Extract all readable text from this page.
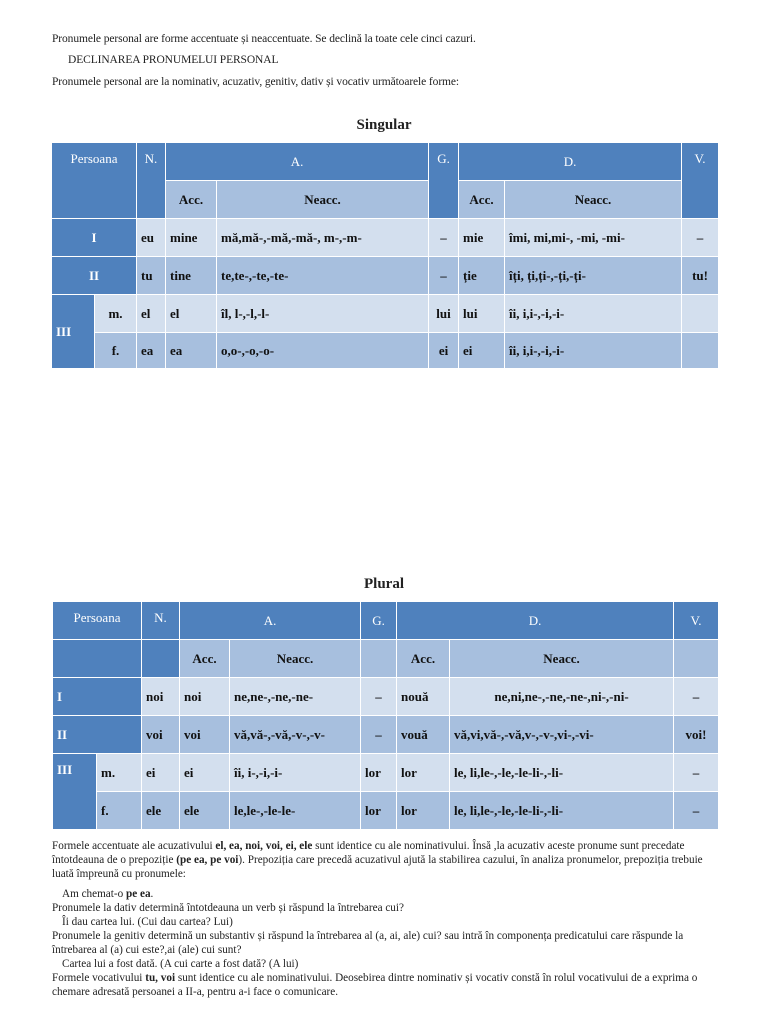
Pronumele personal are forme accentuate și neaccentuate. Se declină la toate cele cinci cazuri.
DECLINAREA PRONUMELUI PERSONAL
Pronumele personal are la nominativ, acuzativ, genitiv, dativ și vocativ următoarele forme:
Singular
Persoana		N.	A.		G.	D.		V.
			Acc.	Neacc.		Acc.	Neacc.	
I		eu	mine	mă,mă-,-mă,-mă-, m-,-m-	–	mie	îmi, mi,mi-, -mi, -mi-	–
II		tu	tine	te,te-,-te,-te-	–	ție	îți, ți,ți-,-ți,-ți-	tu!
III	m.	el	el	îl, l-,-l,-l-	lui	lui	îi, i,i-,-i,-i-	
	f.	ea	ea	o,o-,-o,-o-	ei	ei	îi, i,i-,-i,-i-	
Plural
Persoana		N.	A.		G.	D.		V.
			Acc.	Neacc.		Acc.	Neacc.	
I		noi	noi	ne,ne-,-ne,-ne-	–	nouă	ne,ni,ne-,-ne,-ne-,ni-,-ni-	–
II		voi	voi	vă,vă-,-vă,-v-,-v-	–	vouă	vă,vi,vă-,-vă,v-,-v-,vi-,-vi-	voi!
III	m.	ei	ei	îi, i-,-i,-i-	lor	lor	le, li,le-,-le,-le-li-,-li-	–
	f.	ele	ele	le,le-,-le-le-	lor	lor	le, li,le-,-le,-le-li-,-li-	–

Formele accentuate ale acuzativului el, ea, noi, voi, ei, ele sunt identice cu ale nominativului. Însă ,la acuzativ aceste pronume sunt precedate întotdeauna de o prepoziție (pe ea, pe voi). Prepoziția care precedă acuzativul ajută la stabilirea cazului, în analiza pronumelor, prepoziția trebuie luată împreună cu pronumele:

Am chemat-o pe ea.

Pronumele la dativ determină întotdeauna un verb și răspund la întrebarea cui?

Îi dau cartea lui. (Cui dau cartea? Lui)

Pronumele la genitiv determină un substantiv și răspund la întrebarea al (a, ai, ale) cui? sau intră în componența predicatului care răspunde la întrebarea al (a) cui este?,ai (ale) cui sunt?

Cartea lui a fost dată. (A cui carte a fost dată? (A lui)

Formele vocativului tu, voi sunt identice cu ale nominativului. Deosebirea dintre nominativ și vocativ constă în rolul vocativului de a exprima o chemare adresată persoanei a II-a, pentru a-i face o comunicare.
